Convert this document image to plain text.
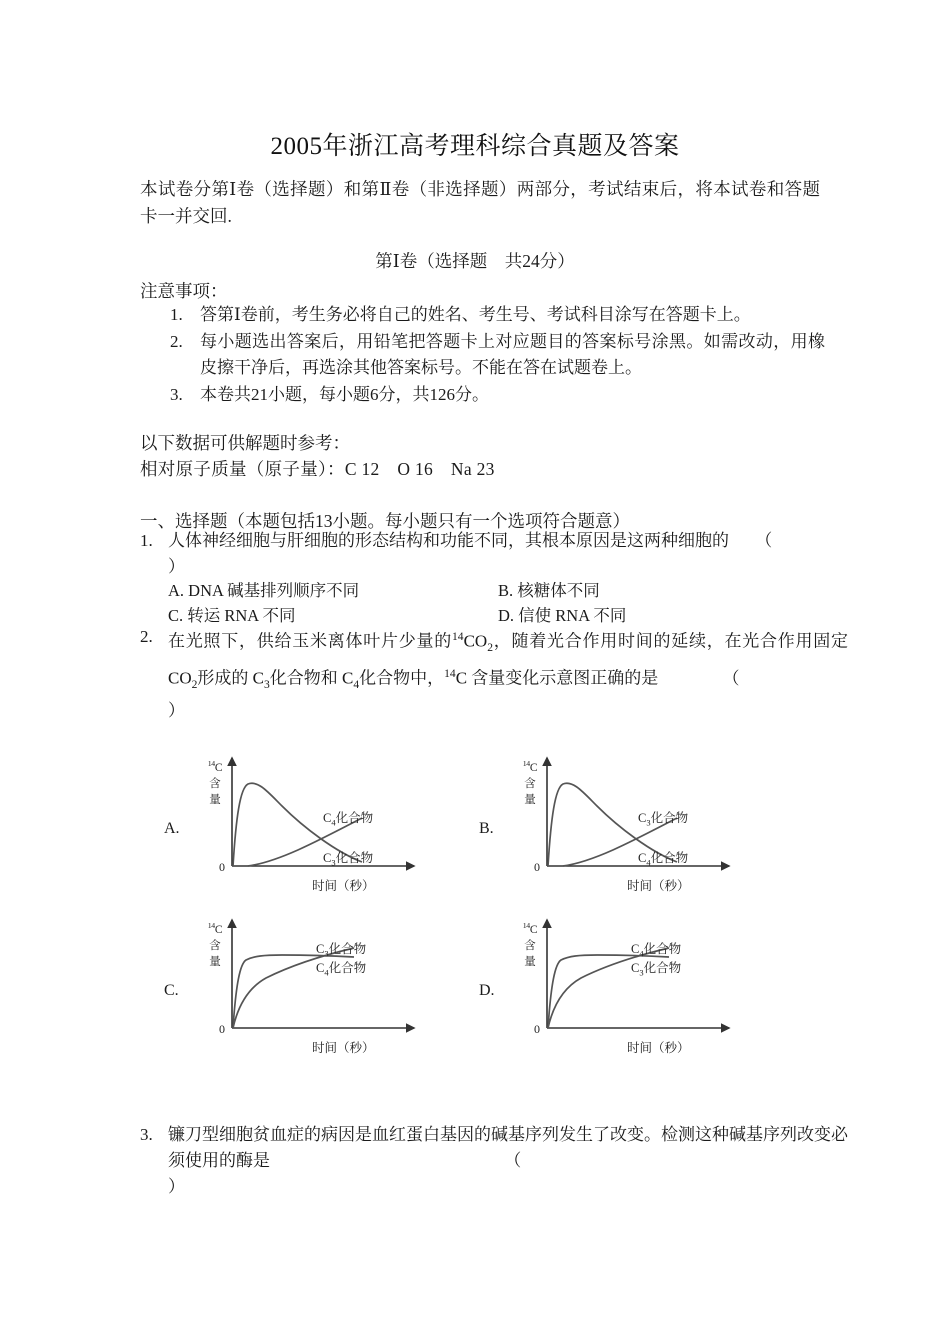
2005年浙江高考理科综合真题及答案
本试卷分第Ⅰ卷（选择题）和第Ⅱ卷（非选择题）两部分，考试结束后，将本试卷和答题卡一并交回.
第Ⅰ卷（选择题　共24分）
注意事项：
1. 答第Ⅰ卷前，考生务必将自己的姓名、考生号、考试科目涂写在答题卡上。
2. 每小题选出答案后，用铅笔把答题卡上对应题目的答案标号涂黑。如需改动，用橡皮擦干净后，再选涂其他答案标号。不能在答在试题卷上。
3. 本卷共21小题，每小题6分，共126分。
以下数据可供解题时参考：
相对原子质量（原子量）：C 12　O 16　Na 23
一、选择题（本题包括13小题。每小题只有一个选项符合题意）
1. 人体神经细胞与肝细胞的形态结构和功能不同，其根本原因是这两种细胞的 （
）
A. DNA 碱基排列顺序不同	B. 核糖体不同
C. 转运 RNA 不同	D. 信使 RNA 不同
2. 在光照下，供给玉米离体叶片少量的$^{14}CO_2$，随着光合作用时间的延续，在光合作用固定$CO_2$形成的 $C_3$化合物和 $C_4$化合物中，$^{14}$C 含量变化示意图正确的是	（
）
A.
$^{14}$C
含
量
0
$C_4$化合物
$C_3$化合物
时间（秒）
B.
$^{14}$C
含
量
0
$C_3$化合物
$C_4$化合物
时间（秒）
C.
$^{14}$C
含
量
0
$C_3$化合物
$C_4$化合物
时间（秒）
D.
$^{14}$C
含
量
0
$C_4$化合物
$C_3$化合物
时间（秒）
3. 镰刀型细胞贫血症的病因是血红蛋白基因的碱基序列发生了改变。检测这种碱基序列改变必须使用的酶是	（
）
